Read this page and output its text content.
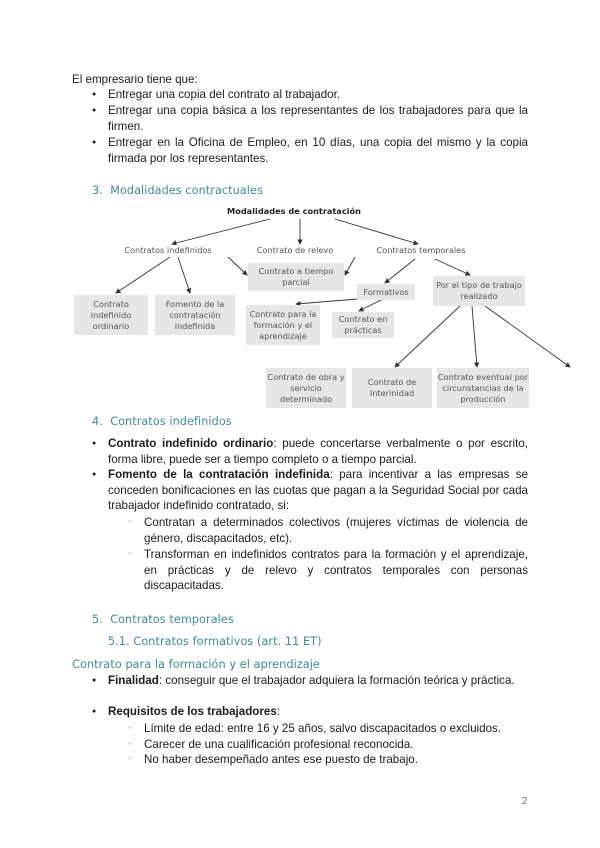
El empresario tiene que:
● Entregar una copia del contrato al trabajador.
● Entregar una copia básica a los representantes de los trabajadores para que la firmen.
● Entregar en la Oficina de Empleo, en 10 días, una copia del mismo y la copia firmada por los representantes.
3. Modalidades contractuales
Modalidades de contratación
Contratos indefinidos	Contrato de relevo	Contratos temporales
Contrato a tiempo parcial
Contrato indefinido ordinario
Fomento de la contratación indefinida
Formativos
Por el tipo de trabajo realizado
Contrato para la formación y el aprendizaje
Contrato en prácticas
Contrato de obra y servicio determinado
Contrato de Interinidad
Contrato eventual por circunstancias de la producción
4. Contratos indefinidos
● Contrato indefinido ordinario: puede concertarse verbalmente o por escrito, forma libre, puede ser a tiempo completo o a tiempo parcial.
● Fomento de la contratación indefinida: para incentivar a las empresas se conceden bonificaciones en las cuotas que pagan a la Seguridad Social por cada trabajador indefinido contratado, si:
○ Contratan a determinados colectivos (mujeres víctimas de violencia de género, discapacitados, etc).
○ Transforman en indefinidos contratos para la formación y el aprendizaje, en prácticas y de relevo y contratos temporales con personas discapacitadas.
5. Contratos temporales
5.1. Contratos formativos (art. 11 ET)
Contrato para la formación y el aprendizaje
● Finalidad: conseguir que el trabajador adquiera la formación teórica y práctica.
● Requisitos de los trabajadores:
○ Límite de edad: entre 16 y 25 años, salvo discapacitados o excluidos.
○ Carecer de una cualificación profesional reconocida.
○ No haber desempeñado antes ese puesto de trabajo.
2
